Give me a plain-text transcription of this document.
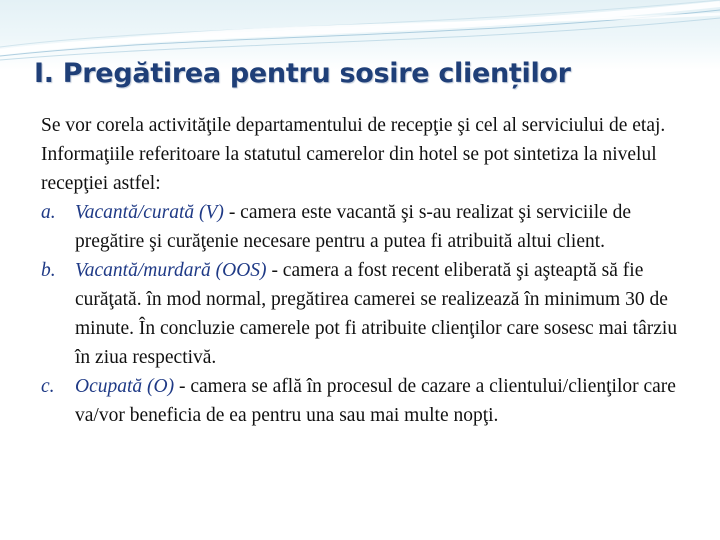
I. Pregătirea pentru sosire clienților

Se vor corela activităţile departamentului de recepţie şi cel al serviciului de etaj. Informaţiile referitoare la statutul camerelor din hotel se pot sintetiza la nivelul recepţiei astfel:

a. Vacantă/curată (V) - camera este vacantă şi s-au realizat şi serviciile de pregătire şi curăţenie necesare pentru a putea fi atribuită altui client.
b. Vacantă/murdară (OOS) - camera a fost recent eliberată şi aşteaptă să fie curăţată. în mod normal, pregătirea camerei se realizează în minimum 30 de minute. În concluzie camerele pot fi atribuite clienţilor care sosesc mai târziu în ziua respectivă.
c. Ocupată (O) - camera se află în procesul de cazare a clientului/clienţilor care va/vor beneficia de ea pentru una sau mai multe nopţi.
